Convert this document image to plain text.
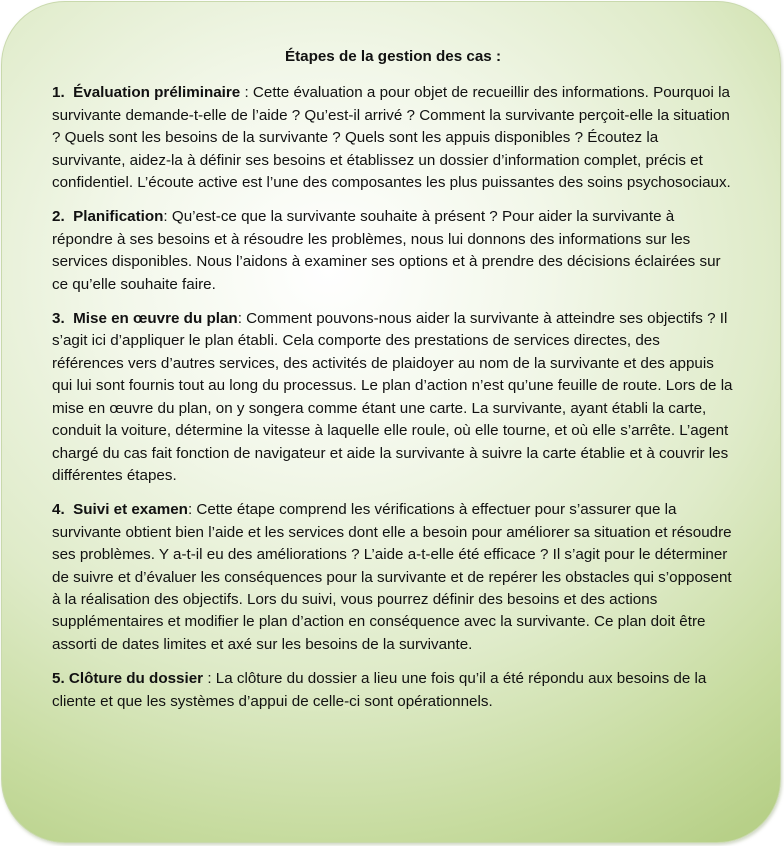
Étapes de la gestion des cas :
1. Évaluation préliminaire : Cette évaluation a pour objet de recueillir des informations. Pourquoi la survivante demande-t-elle de l’aide ? Qu’est-il arrivé ? Comment la survivante perçoit-elle la situation ? Quels sont les besoins de la survivante ? Quels sont les appuis disponibles ? Écoutez la survivante, aidez-la à définir ses besoins et établissez un dossier d’information complet, précis et confidentiel. L’écoute active est l’une des composantes les plus puissantes des soins psychosociaux.
2. Planification: Qu’est-ce que la survivante souhaite à présent ? Pour aider la survivante à répondre à ses besoins et à résoudre les problèmes, nous lui donnons des informations sur les services disponibles. Nous l’aidons à examiner ses options et à prendre des décisions éclairées sur ce qu’elle souhaite faire.
3. Mise en œuvre du plan: Comment pouvons-nous aider la survivante à atteindre ses objectifs ? Il s’agit ici d’appliquer le plan établi. Cela comporte des prestations de services directes, des références vers d’autres services, des activités de plaidoyer au nom de la survivante et des appuis qui lui sont fournis tout au long du processus. Le plan d’action n’est qu’une feuille de route. Lors de la mise en œuvre du plan, on y songera comme étant une carte. La survivante, ayant établi la carte, conduit la voiture, détermine la vitesse à laquelle elle roule, où elle tourne, et où elle s’arrête. L’agent chargé du cas fait fonction de navigateur et aide la survivante à suivre la carte établie et à couvrir les différentes étapes.
4. Suivi et examen: Cette étape comprend les vérifications à effectuer pour s’assurer que la survivante obtient bien l’aide et les services dont elle a besoin pour améliorer sa situation et résoudre ses problèmes. Y a-t-il eu des améliorations ? L’aide a-t-elle été efficace ? Il s’agit pour le déterminer de suivre et d’évaluer les conséquences pour la survivante et de repérer les obstacles qui s’opposent à la réalisation des objectifs. Lors du suivi, vous pourrez définir des besoins et des actions supplémentaires et modifier le plan d’action en conséquence avec la survivante. Ce plan doit être assorti de dates limites et axé sur les besoins de la survivante.
5. Clôture du dossier : La clôture du dossier a lieu une fois qu’il a été répondu aux besoins de la cliente et que les systèmes d’appui de celle-ci sont opérationnels.
